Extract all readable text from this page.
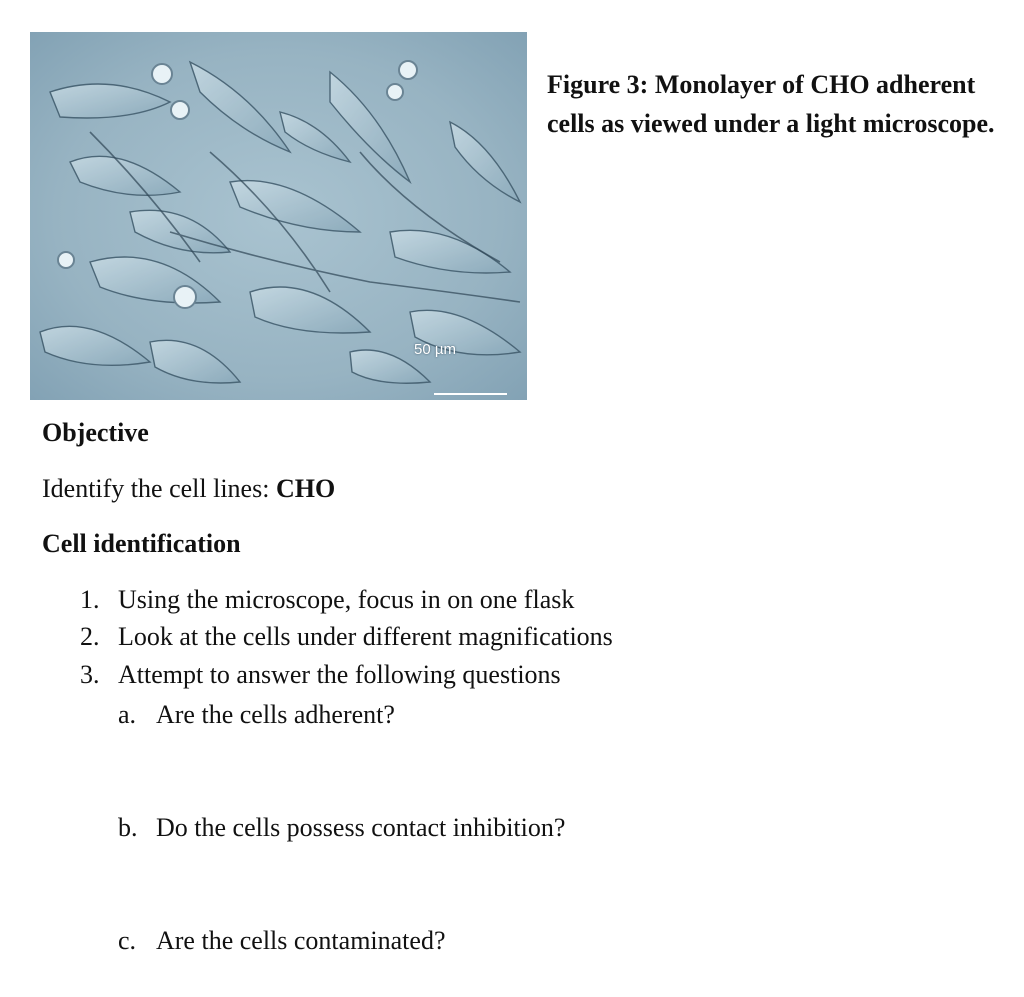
50 µm
Figure 3: Monolayer of CHO adherent cells as viewed under a light microscope.
Objective
Identify the cell lines: CHO
Cell identification
1. Using the microscope, focus in on one flask
2. Look at the cells under different magnifications
3. Attempt to answer the following questions
a. Are the cells adherent?
b. Do the cells possess contact inhibition?
c. Are the cells contaminated?
